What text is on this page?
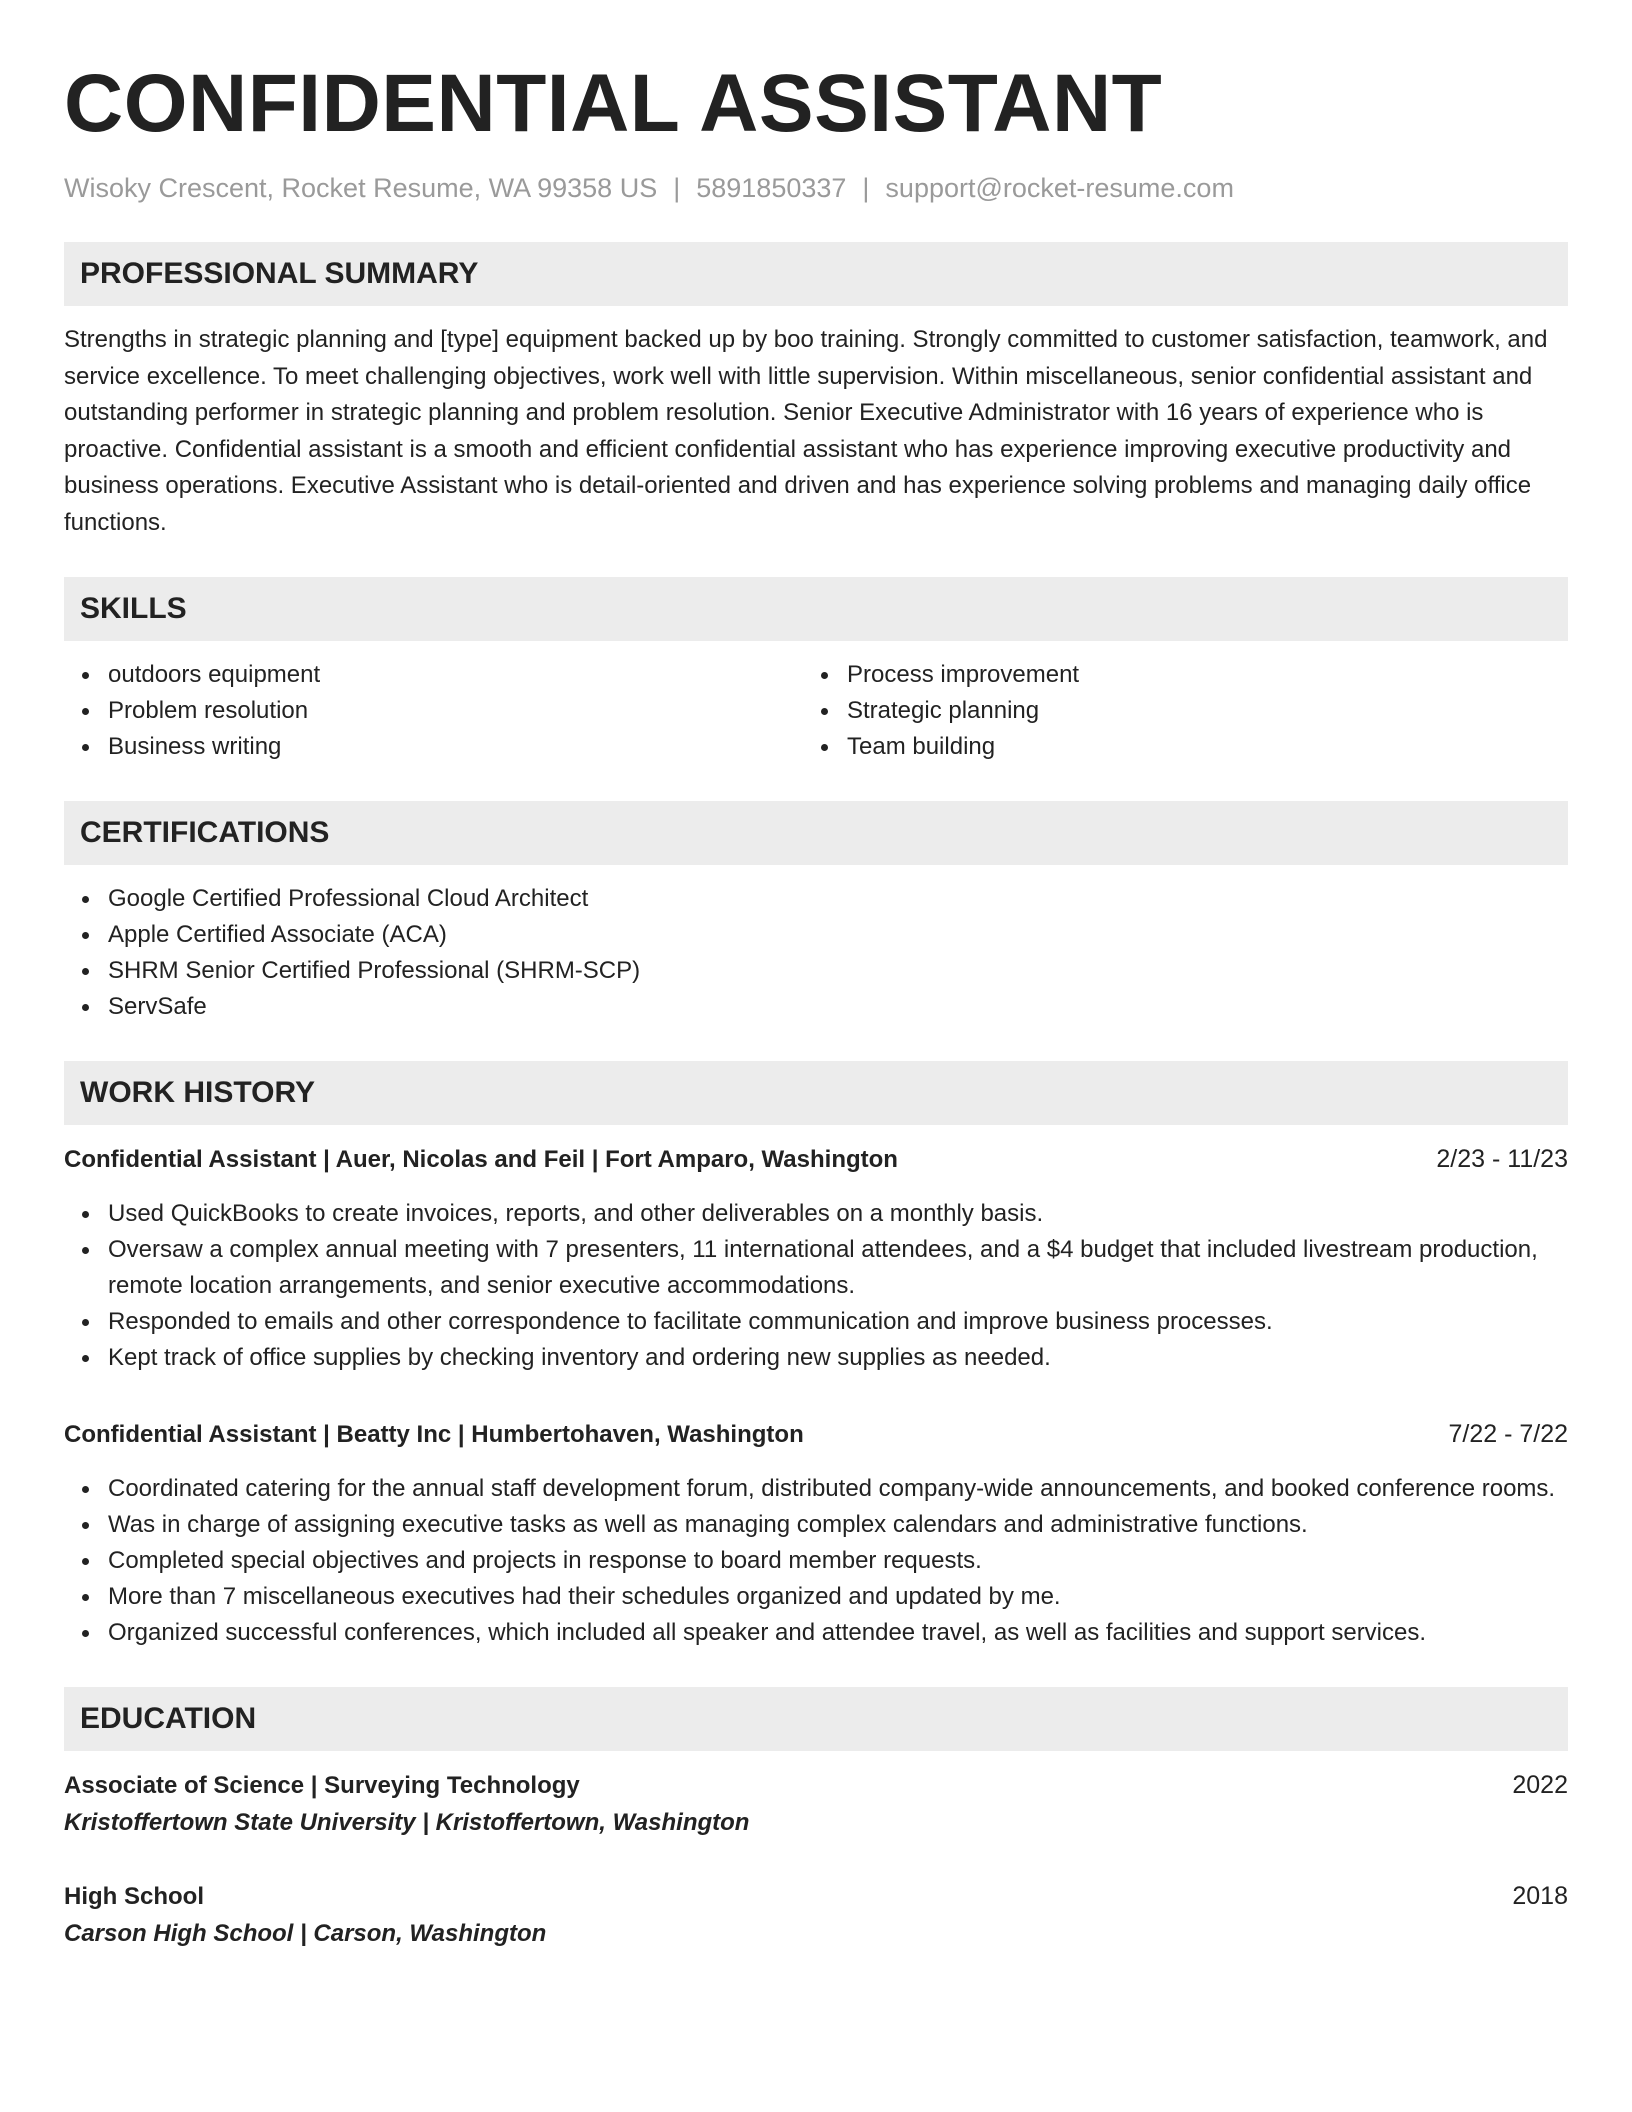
CONFIDENTIAL ASSISTANT
Wisoky Crescent, Rocket Resume, WA 99358 US | 5891850337 | support@rocket-resume.com
PROFESSIONAL SUMMARY
Strengths in strategic planning and [type] equipment backed up by boo training. Strongly committed to customer satisfaction, teamwork, and service excellence. To meet challenging objectives, work well with little supervision. Within miscellaneous, senior confidential assistant and outstanding performer in strategic planning and problem resolution. Senior Executive Administrator with 16 years of experience who is proactive. Confidential assistant is a smooth and efficient confidential assistant who has experience improving executive productivity and business operations. Executive Assistant who is detail-oriented and driven and has experience solving problems and managing daily office functions.
SKILLS
outdoors equipment
Problem resolution
Business writing
Process improvement
Strategic planning
Team building
CERTIFICATIONS
Google Certified Professional Cloud Architect
Apple Certified Associate (ACA)
SHRM Senior Certified Professional (SHRM-SCP)
ServSafe
WORK HISTORY
Confidential Assistant | Auer, Nicolas and Feil | Fort Amparo, Washington	2/23 - 11/23
Used QuickBooks to create invoices, reports, and other deliverables on a monthly basis.
Oversaw a complex annual meeting with 7 presenters, 11 international attendees, and a $4 budget that included livestream production, remote location arrangements, and senior executive accommodations.
Responded to emails and other correspondence to facilitate communication and improve business processes.
Kept track of office supplies by checking inventory and ordering new supplies as needed.
Confidential Assistant | Beatty Inc | Humbertohaven, Washington	7/22 - 7/22
Coordinated catering for the annual staff development forum, distributed company-wide announcements, and booked conference rooms.
Was in charge of assigning executive tasks as well as managing complex calendars and administrative functions.
Completed special objectives and projects in response to board member requests.
More than 7 miscellaneous executives had their schedules organized and updated by me.
Organized successful conferences, which included all speaker and attendee travel, as well as facilities and support services.
EDUCATION
Associate of Science | Surveying Technology	2022
Kristoffertown State University | Kristoffertown, Washington
High School	2018
Carson High School | Carson, Washington
